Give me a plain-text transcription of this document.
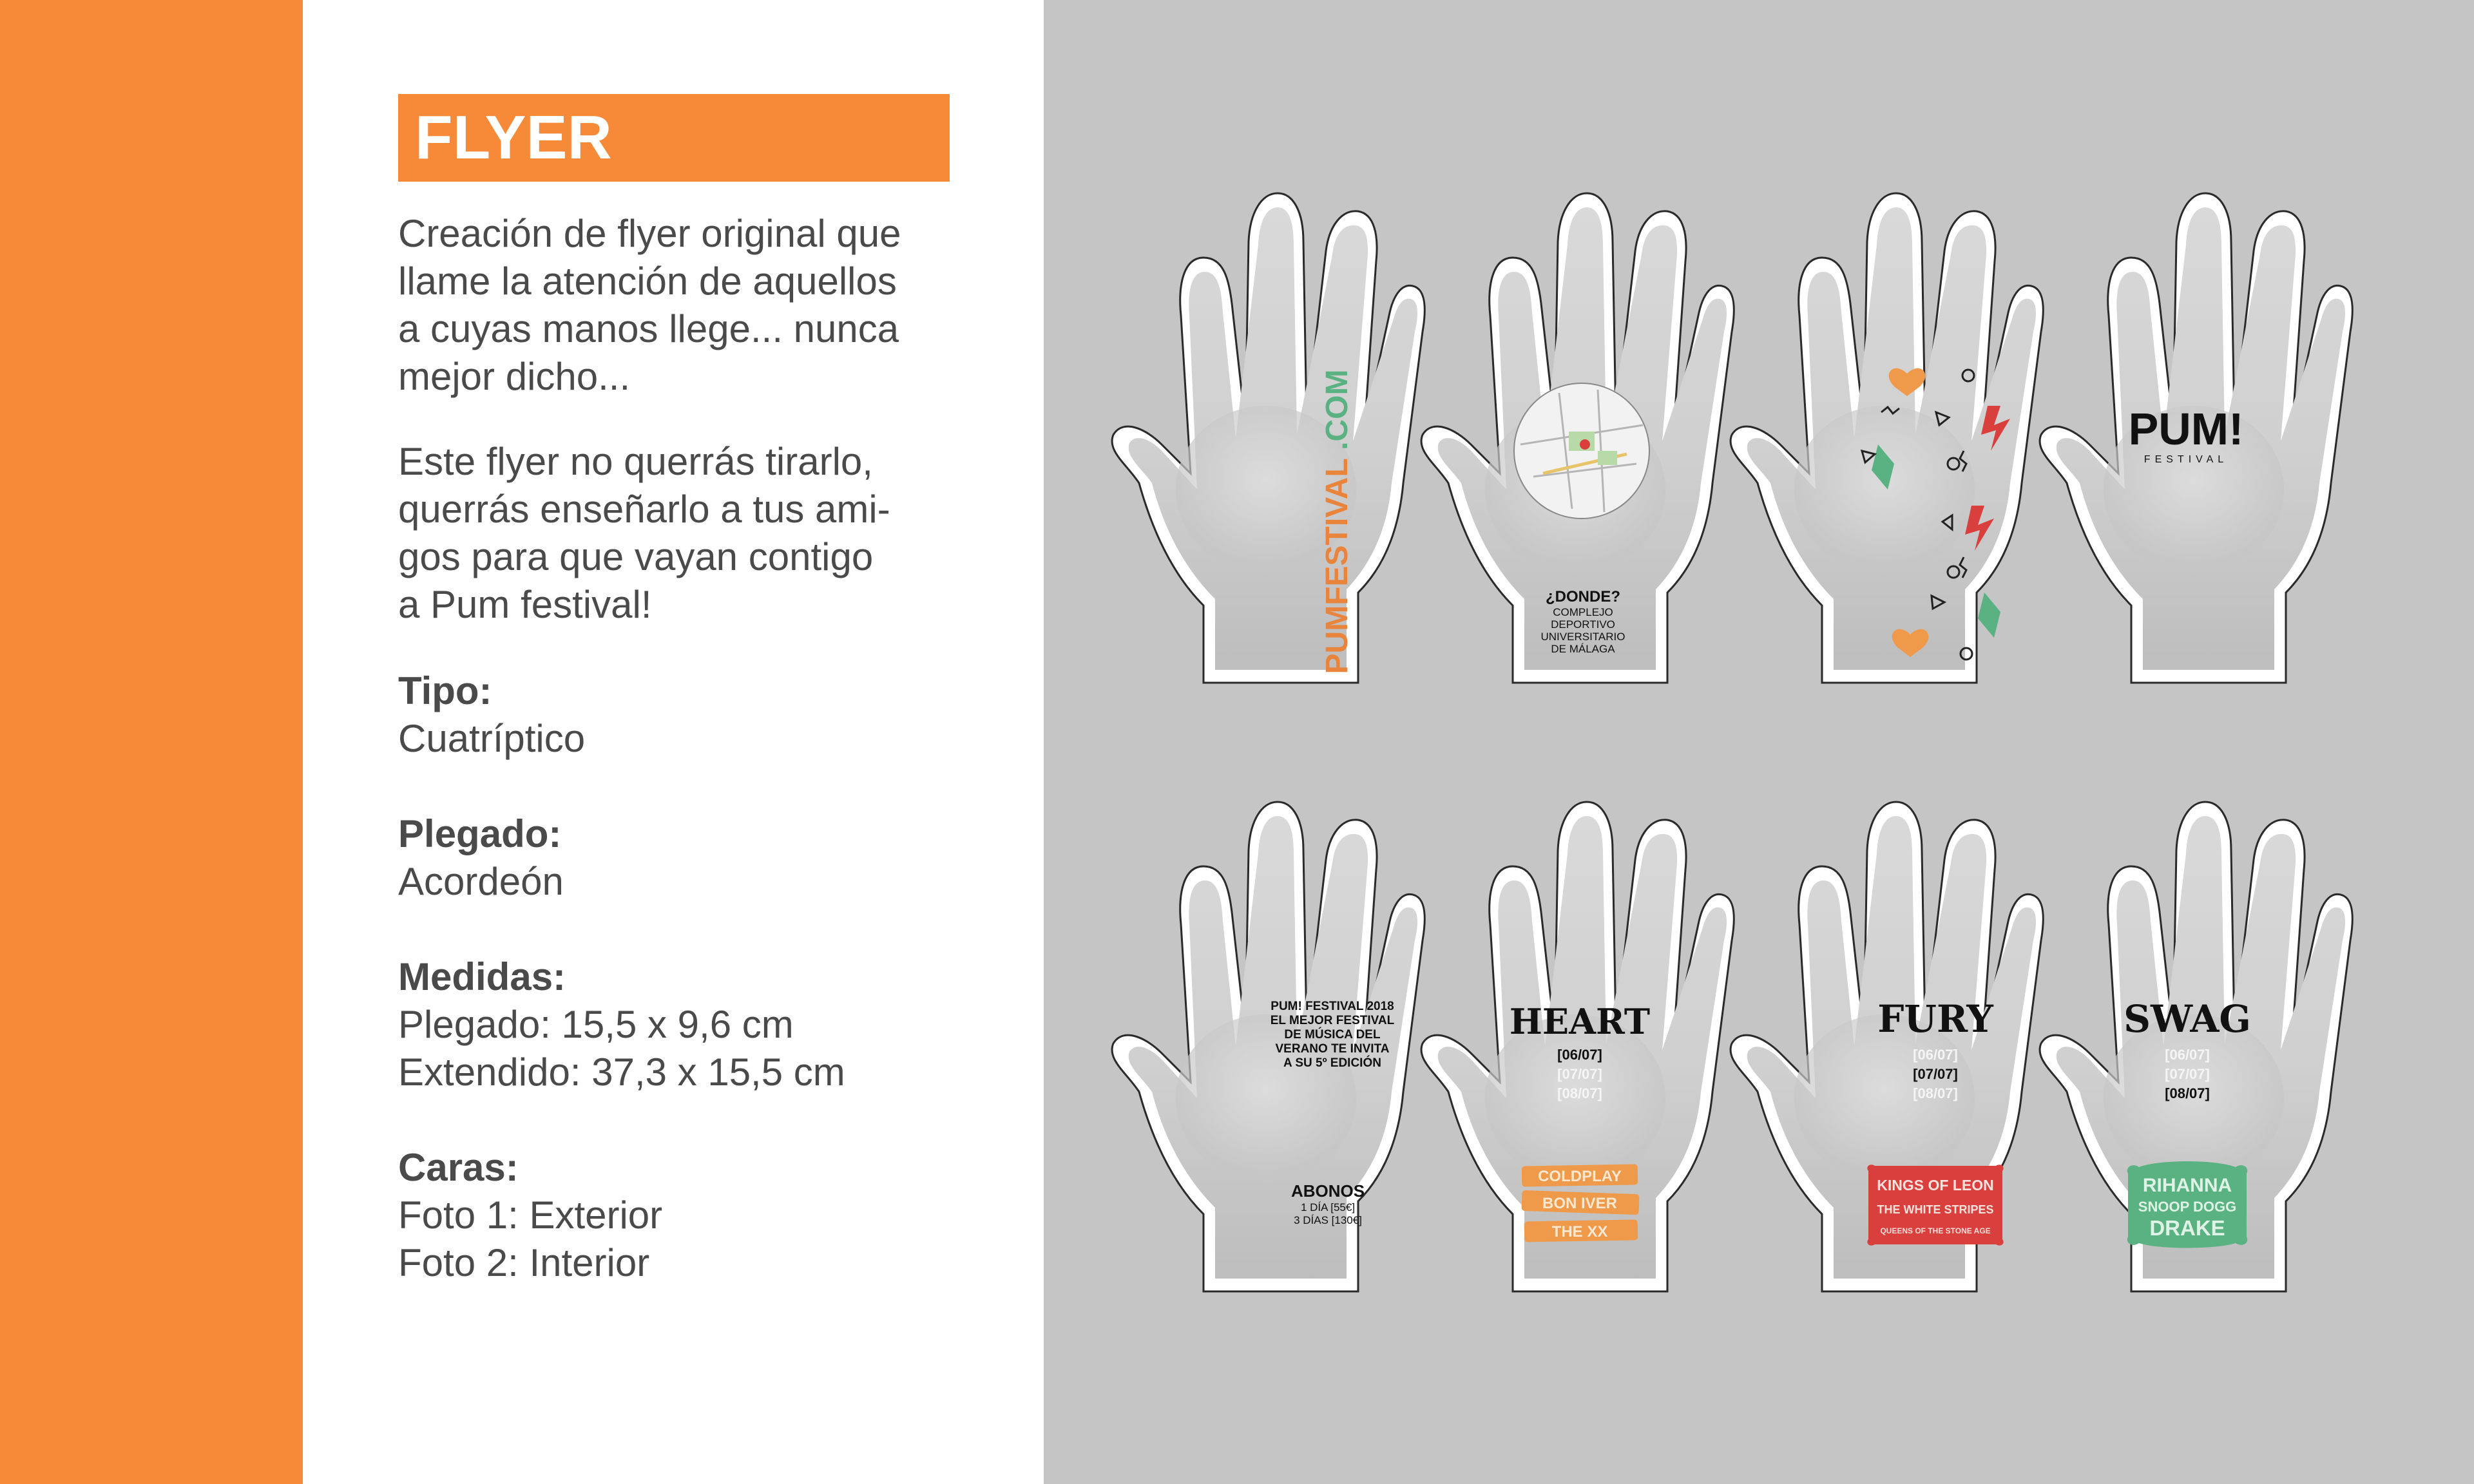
FLYER

Creación de flyer original que
llame la atención de aquellos
a cuyas manos llege... nunca
mejor dicho...

Este flyer no querrás tirarlo,
querrás enseñarlo a tus ami-
gos para que vayan contigo
a Pum festival!

Tipo:
Cuatríptico
Plegado:
Acordeón
Medidas:
Plegado: 15,5 x 9,6 cm
Extendido: 37,3 x 15,5 cm
Caras:
Foto 1: Exterior
Foto 2: Interior
PUMFESTIVAL .COM
¿DONDE?
COMPLEJO
DEPORTIVO
UNIVERSITARIO
DE MÁLAGA
PUM!
FESTIVAL
PUM! FESTIVAL 2018
EL MEJOR FESTIVAL
DE MÚSICA DEL
VERANO TE INVITA
A SU 5º EDICIÓN
ABONOS
1 DÍA [55€]
3 DÍAS [130€]
HEART
[06/07]
[07/07]
[08/07]
COLDPLAY
BON IVER
THE XX
FURY
[06/07]
[07/07]
[08/07]
KINGS OF LEON
THE WHITE STRIPES
QUEENS OF THE STONE AGE
SWAG
[06/07]
[07/07]
[08/07]
RIHANNA
SNOOP DOGG
DRAKE
